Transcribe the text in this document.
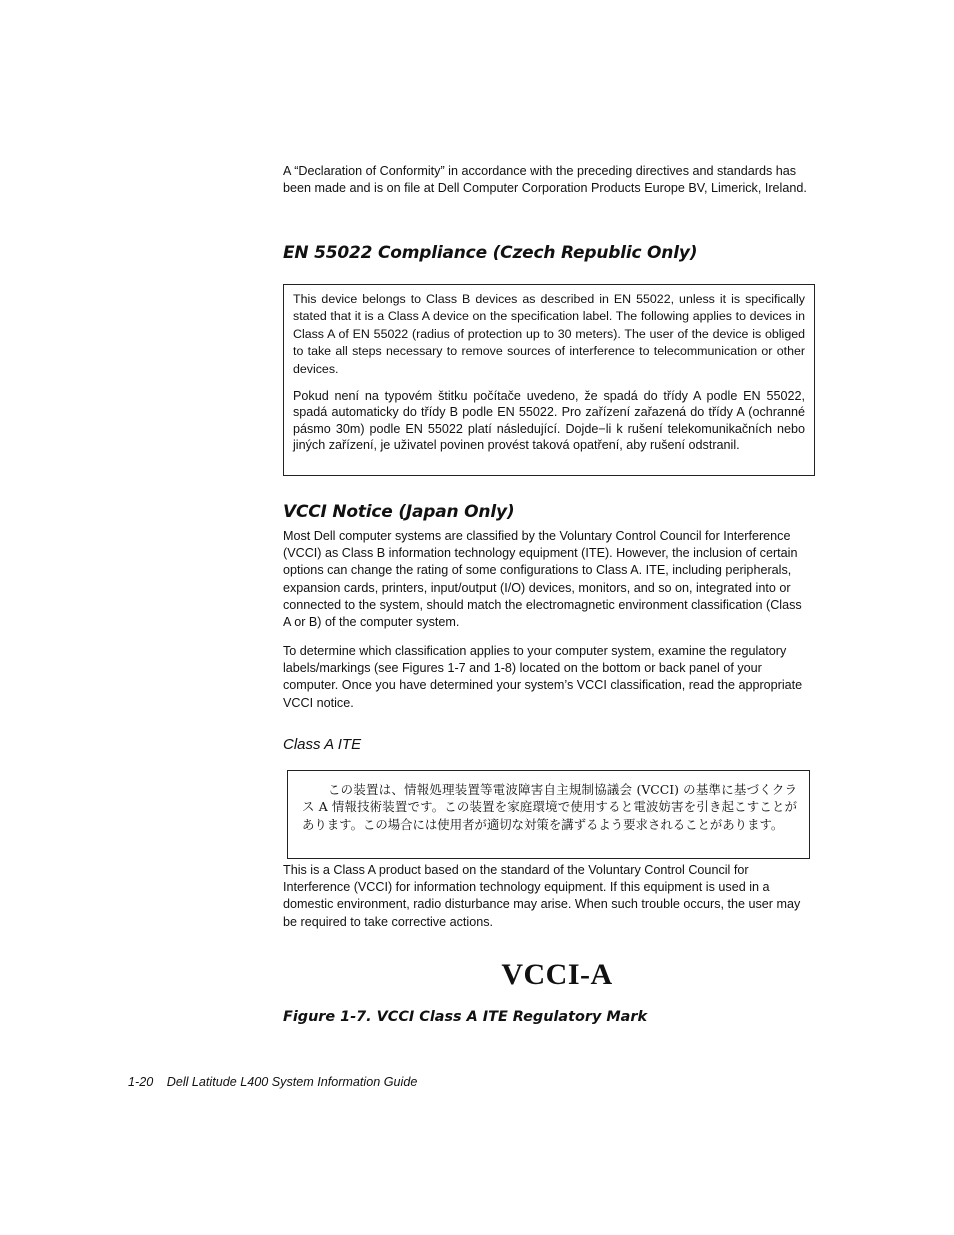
A “Declaration of Conformity” in accordance with the preceding directives and standards has been made and is on file at Dell Computer Corporation Products Europe BV, Limerick, Ireland.

EN 55022 Compliance (Czech Republic Only)

This device belongs to Class B devices as described in EN 55022, unless it is specifically stated that it is a Class A device on the specification label. The following applies to devices in Class A of EN 55022 (radius of protection up to 30 meters). The user of the device is obliged to take all steps necessary to remove sources of interference to telecommunication or other devices.

Pokud není na typovém štitku počítače uvedeno, že spadá do třídy A podle EN 55022, spadá automaticky do třídy B podle EN 55022. Pro zařízení zařazená do třídy A (ochranné pásmo 30m) podle EN 55022 platí následující. Dojde−li k rušení telekomunikačních nebo jiných zařízení, je uživatel povinen provést taková opatření, aby rušení odstranil.

VCCI Notice (Japan Only)

Most Dell computer systems are classified by the Voluntary Control Council for Interference (VCCI) as Class B information technology equipment (ITE). However, the inclusion of certain options can change the rating of some configurations to Class A. ITE, including peripherals, expansion cards, printers, input/output (I/O) devices, monitors, and so on, integrated into or connected to the system, should match the electromagnetic environment classification (Class A or B) of the computer system.

To determine which classification applies to your computer system, examine the regulatory labels/markings (see Figures 1-7 and 1-8) located on the bottom or back panel of your computer. Once you have determined your system’s VCCI classification, read the appropriate VCCI notice.

Class A ITE

この装置は、情報処理装置等電波障害自主規制協議会 (VCCI) の基準に基づくクラス A 情報技術装置です。この装置を家庭環境で使用すると電波妨害を引き起こすことがあります。この場合には使用者が適切な対策を講ずるよう要求されることがあります。

This is a Class A product based on the standard of the Voluntary Control Council for Interference (VCCI) for information technology equipment. If this equipment is used in a domestic environment, radio disturbance may arise. When such trouble occurs, the user may be required to take corrective actions.

VCCI-A
Figure 1-7. VCCI Class A ITE Regulatory Mark
1-20 Dell Latitude L400 System Information Guide
